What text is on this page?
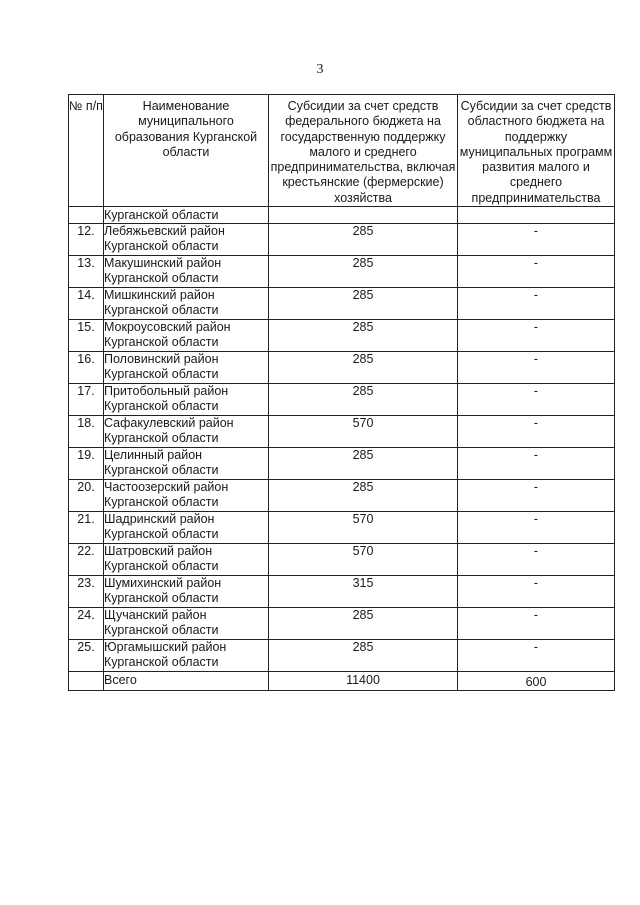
3
№ п/п	Наименование муниципального образования Курганской области	Субсидии за счет средств федерального бюджета на государственную поддержку малого и среднего предпринимательства, включая крестьянские (фермерские) хозяйства	Субсидии за счет средств областного бюджета на поддержку муниципальных программ развития малого и среднего предпринимательства
	Курганской области		
12.	Лебяжьевский район Курганской области	285	-
13.	Макушинский район Курганской области	285	-
14.	Мишкинский район Курганской области	285	-
15.	Мокроусовский район Курганской области	285	-
16.	Половинский район Курганской области	285	-
17.	Притобольный район Курганской области	285	-
18.	Сафакулевский район Курганской области	570	-
19.	Целинный район Курганской области	285	-
20.	Частоозерский район Курганской области	285	-
21.	Шадринский район Курганской области	570	-
22.	Шатровский район Курганской области	570	-
23.	Шумихинский район Курганской области	315	-
24.	Щучанский район Курганской области	285	-
25.	Юргамышский район Курганской области	285	-
	Всего	11400	600
